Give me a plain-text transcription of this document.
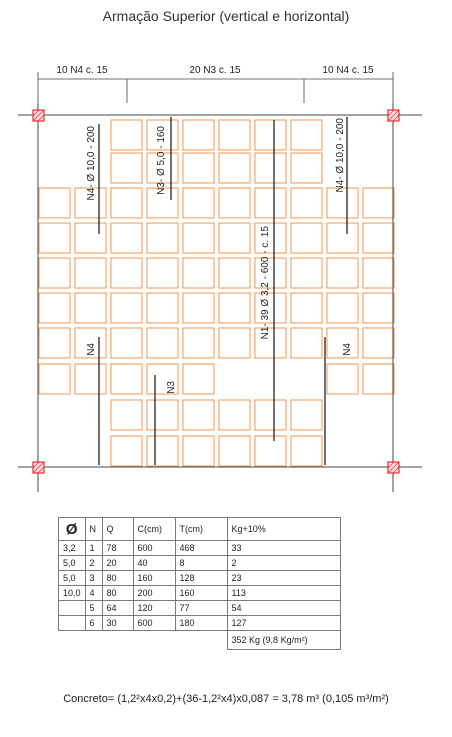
Armação Superior (vertical e horizontal)
10 N4 c. 15	20 N3 c. 15	10 N4 c. 15
N4- Ø 10,0 - 200	N3- Ø 5,0 - 160	N4- Ø 10,0 - 200
N1- 39 Ø 3,2 - 600 - c. 15
N4	N4
N3
Ø	N	Q	C(cm)	T(cm)	Kg+10%
3,2	1	78	600	468	33
5,0	2	20	40	8	2
5,0	3	80	160	128	23
10,0	4	80	200	160	113
	5	64	120	77	54
	6	30	600	180	127
					352 Kg (9,8 Kg/m²)
Concreto= (1,2²x4x0,2)+(36-1,2²x4)x0,087 = 3,78 m³ (0,105 m³/m²)
